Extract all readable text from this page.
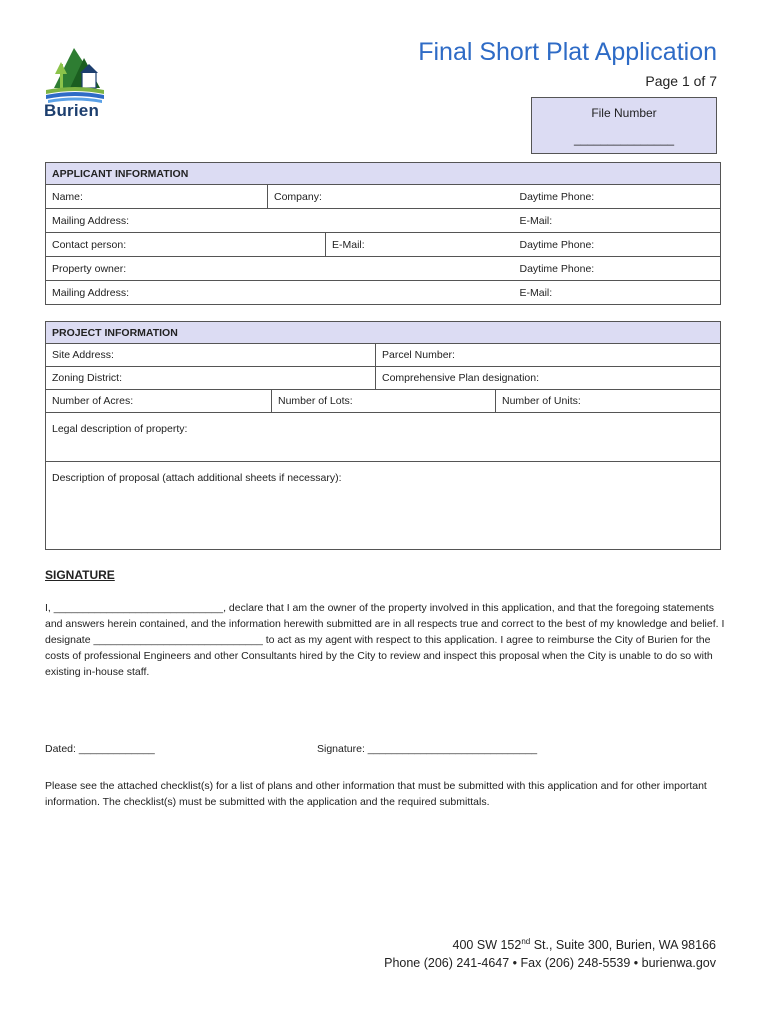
Burien
Final Short Plat Application
Page 1 of 7
File Number
_______________
APPLICANT INFORMATION			
Name:	Company:		Daytime Phone:
Mailing Address:			E-Mail:
Contact person:		E-Mail:	Daytime Phone:
Property owner:			Daytime Phone:
Mailing Address:			E-Mail:
PROJECT INFORMATION			
Site Address:		Parcel Number:	
Zoning District:		Comprehensive Plan designation:	
Number of Acres:	Number of Lots:		Number of Units:
Legal description of property:			
Description of proposal (attach additional sheets if necessary):			
SIGNATURE
I, _____________________________, declare that I am the owner of the property involved in this application, and that the foregoing statements and answers herein contained, and the information herewith submitted are in all respects true and correct to the best of my knowledge and belief. I designate _____________________________ to act as my agent with respect to this application. I agree to reimburse the City of Burien for the costs of professional Engineers and other Consultants hired by the City to review and inspect this proposal when the City is unable to do so with existing in-house staff.
Dated: _____________	Signature: _____________________________
Please see the attached checklist(s) for a list of plans and other information that must be submitted with this application and for other important information. The checklist(s) must be submitted with the application and the required submittals.
400 SW 152nd St., Suite 300, Burien, WA 98166
Phone (206) 241-4647 • Fax (206) 248-5539 • burienwa.gov
